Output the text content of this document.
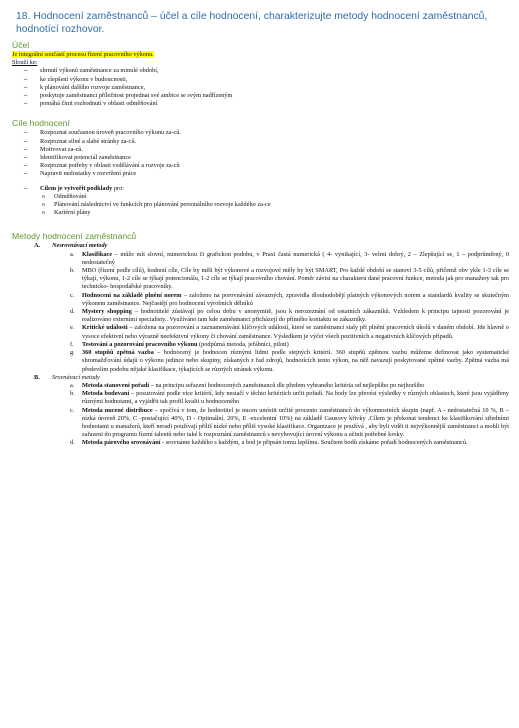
18. Hodnocení zaměstnanců – účel a cíle hodnocení, charakterizujte metody hodnocení zaměstnanců, hodnotící rozhovor.
Účel
Je integrální součástí procesu řízení pracovního výkonu.
Slouží ke:
– shrnutí výkonů zaměstnance za minulé období,
– ke zlepšení výkonu v budoucnosti,
– k plánování dalšího rozvoje zaměstnance,
– poskytuje zaměstnanci příležitost projednat své ambice se svým nadřízeným
– pomáhá činit rozhodnutí v oblasti odměňování
Cíle hodnocení
– Rozpoznat současnou úroveň pracovního výkonu za-ců.
– Rozpoznat silné a slabé stránky za-ců.
– Motivovat za-ců.
– Identifikovat potenciál zaměstnance
– Rozpoznat potřeby v oblasti vzdělávání a rozvoje za-ců
– Napravit nedostatky v rozvržení práce
– Cílem je vytvořit podklady pro:
o Odměňování
o Plánování následnictví ve funkcích pro plánování personálního rozvoje každého za-ce
o Kariérní plány
Metody hodnocení zaměstnanců
A. Nesrovnávací metody
a. Klasifikace – může mít slovní, numerickou či grafickou podobu, v Praxi častá numerická ( 4- vynikající, 3- velmi dobrý, 2 – Zlepšující se, 1 – podprůměrný, 0 nedostatečný
b. MBO (řízení podle cílů), hodnotí cíle, Cíle by měli být výkonové a rozvojové měly by být SMART, Pro každé období se stanoví 3-5 cílů, přičemž obv ykle 1-3 cíle se týkají, výkonu, 1-2 cíle se týkají potencionálu, 1-2 cíle se týkají pracovního chování. Poměr závisí na charakteru dané pracovní funkce, metoda jak pro manažery tak pro technicko- hospodářské pracovníky.
c. Hodnocení na základě plnění norem – založeno na porovnávání závazných, zpravidla dlouhodobějí platných výkonových norem a standardů kvality se skutečným výkonem zaměstnance. Nejčastějí pro hodnocení výrobních dělníků
d. Mystery shopping – hodnotitelé zůstávají po celou dobu v anonymitě, jsou k nerozeznání od ostatních zákazníků. Vzhledem k principu tajnosti pozorování je realizováno externími specialisty.. Využíváno tam kde zaměstnanci přicházejí do přímého kontaktu se zákazníky.
e. Kritické události – založena na pozorování a zaznamenávání klíčových událostí, které se zaměstnanci staly při plnění pracovních úkolů v daném období. Jde hlavně o vysoce efektivní nebo výrazně neefektivní výkony či chování zaměstnance. Výsledkem je výčet všech pozitivních a negativních klíčových případů.
f. Testování a pozorování pracovního výkonu (podpůrná metoda, jeřábníci, piloti)
g. 360 stupňů zpětná vazba – hodnocený je hodnocen různými lidmi podle stejných kritérií. 360 stupňů zpětnou vazbu můžeme definovat jako systematické shromažďování údajů o výkonu jedince nebo skupiny, získaných z řad zdrojů, hodnotících tento výkon, na něž navazují poskytované zpětné vazby. Zpětná vazba má především podobu nějaké klasifikace, týkajících se různých stránek výkonu.
B. Srovnávací metody
a. Metoda stanovení pořadí – na principu seřazení hodnocených zaměstnanců dle předem vybraného kritéria od nejlepšího po nejhoršího
b. Metoda bodovaní – posuzování podle více kritérií, kdy nestačí v těchto kritériích určit pořadí. Na body lze převést výsledky v různých oblastech, které jsou vyjádřeny různými hodnotami, a vyjádřit tak profil kvalit u hodnoceného
c. Metoda nucené distribuce – spočívá v tom, že hodnotitel je nucen umístit určité procento zaměstnanců do výkonnostních skupin (např. A - nedostatečná 10 %, B – nízká úroveň 20%, C -postačující 40%, D - Optimální, 20%, E -excelentní 10%) na základě Gausovy křivky .Cílem je překonat tendenci ke klasifikování středními hodnotami u manažerů, kteří neradi používají příliš nízké nebo příliš vysoké klasifikace. Organizace je používá , aby byli vidět ti nejvýkonnější zaměstnanci a mohli být zařazeni do programu řízení talentů nebo také k rozpoznání zaměstnanců s nevyhovující úrovní výkonu a učinit potřebné kroky.
d. Metoda párového srovnávání - srovnáme každého s každým, a bod je připsán tomu lepšímu. Součtem bodů získáme pořadí hodnocených zaměstnanců.
